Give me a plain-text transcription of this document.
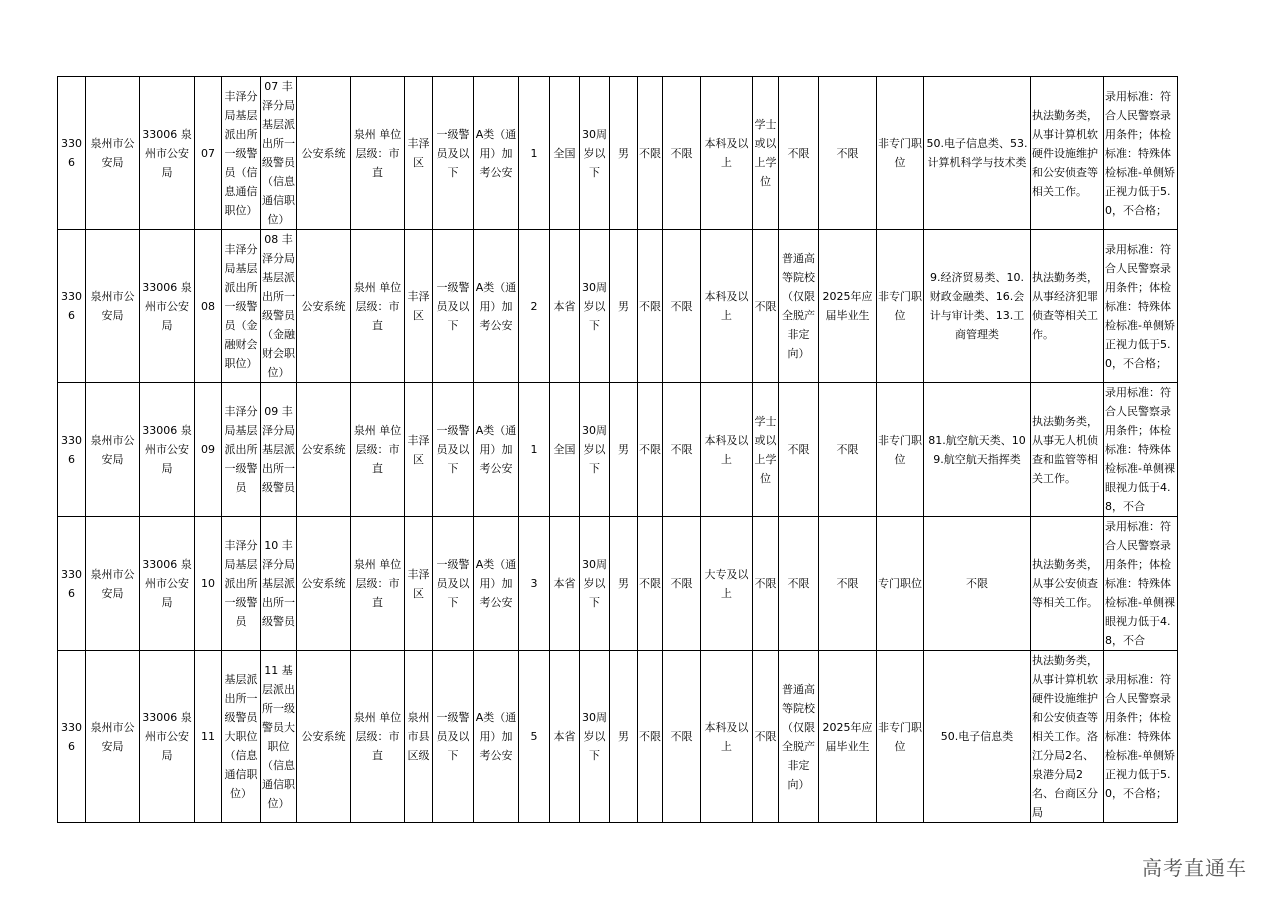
3306	泉州市公安局	33006 泉州市公安局	07	丰泽分局基层派出所一级警员（信息通信职位）	07 丰泽分局基层派出所一级警员（信息通信职位）	公安系统	泉州 单位层级：市直	丰泽区	一级警员及以下	A类（通用）加考公安	1	全国	30周岁以下	男	不限	不限	本科及以上	学士或以上学位	不限	不限	非专门职位	50.电子信息类、53.计算机科学与技术类	执法勤务类，从事计算机软硬件设施维护和公安侦查等相关工作。	录用标准：符合人民警察录用条件；体检标准：特殊体检标准-单侧矫正视力低于5.0，不合格；
3306	泉州市公安局	33006 泉州市公安局	08	丰泽分局基层派出所一级警员（金融财会职位）	08 丰泽分局基层派出所一级警员（金融财会职位）	公安系统	泉州 单位层级：市直	丰泽区	一级警员及以下	A类（通用）加考公安	2	本省	30周岁以下	男	不限	不限	本科及以上	不限	普通高等院校（仅限全脱产非定向）	2025年应届毕业生	非专门职位	9.经济贸易类、10.财政金融类、16.会计与审计类、13.工商管理类	执法勤务类，从事经济犯罪侦查等相关工作。	录用标准：符合人民警察录用条件；体检标准：特殊体检标准-单侧矫正视力低于5.0，不合格；
3306	泉州市公安局	33006 泉州市公安局	09	丰泽分局基层派出所一级警员	09 丰泽分局基层派出所一级警员	公安系统	泉州 单位层级：市直	丰泽区	一级警员及以下	A类（通用）加考公安	1	全国	30周岁以下	男	不限	不限	本科及以上	学士或以上学位	不限	不限	非专门职位	81.航空航天类、109.航空航天指挥类	执法勤务类，从事无人机侦查和监管等相关工作。	录用标准：符合人民警察录用条件；体检标准：特殊体检标准-单侧裸眼视力低于4.8，不合
3306	泉州市公安局	33006 泉州市公安局	10	丰泽分局基层派出所一级警员	10 丰泽分局基层派出所一级警员	公安系统	泉州 单位层级：市直	丰泽区	一级警员及以下	A类（通用）加考公安	3	本省	30周岁以下	男	不限	不限	大专及以上	不限	不限	不限	专门职位	不限	执法勤务类，从事公安侦查等相关工作。	录用标准：符合人民警察录用条件；体检标准：特殊体检标准-单侧裸眼视力低于4.8，不合
3306	泉州市公安局	33006 泉州市公安局	11	基层派出所一级警员大职位（信息通信职位）	11 基层派出所一级警员大职位（信息通信职位）	公安系统	泉州 单位层级：市直	泉州市县区级	一级警员及以下	A类（通用）加考公安	5	本省	30周岁以下	男	不限	不限	本科及以上	不限	普通高等院校（仅限全脱产非定向）	2025年应届毕业生	非专门职位	50.电子信息类	执法勤务类，从事计算机软硬件设施维护和公安侦查等相关工作。洛江分局2名、泉港分局2名、台商区分局	录用标准：符合人民警察录用条件；体检标准：特殊体检标准-单侧矫正视力低于5.0，不合格；
高考直通车
